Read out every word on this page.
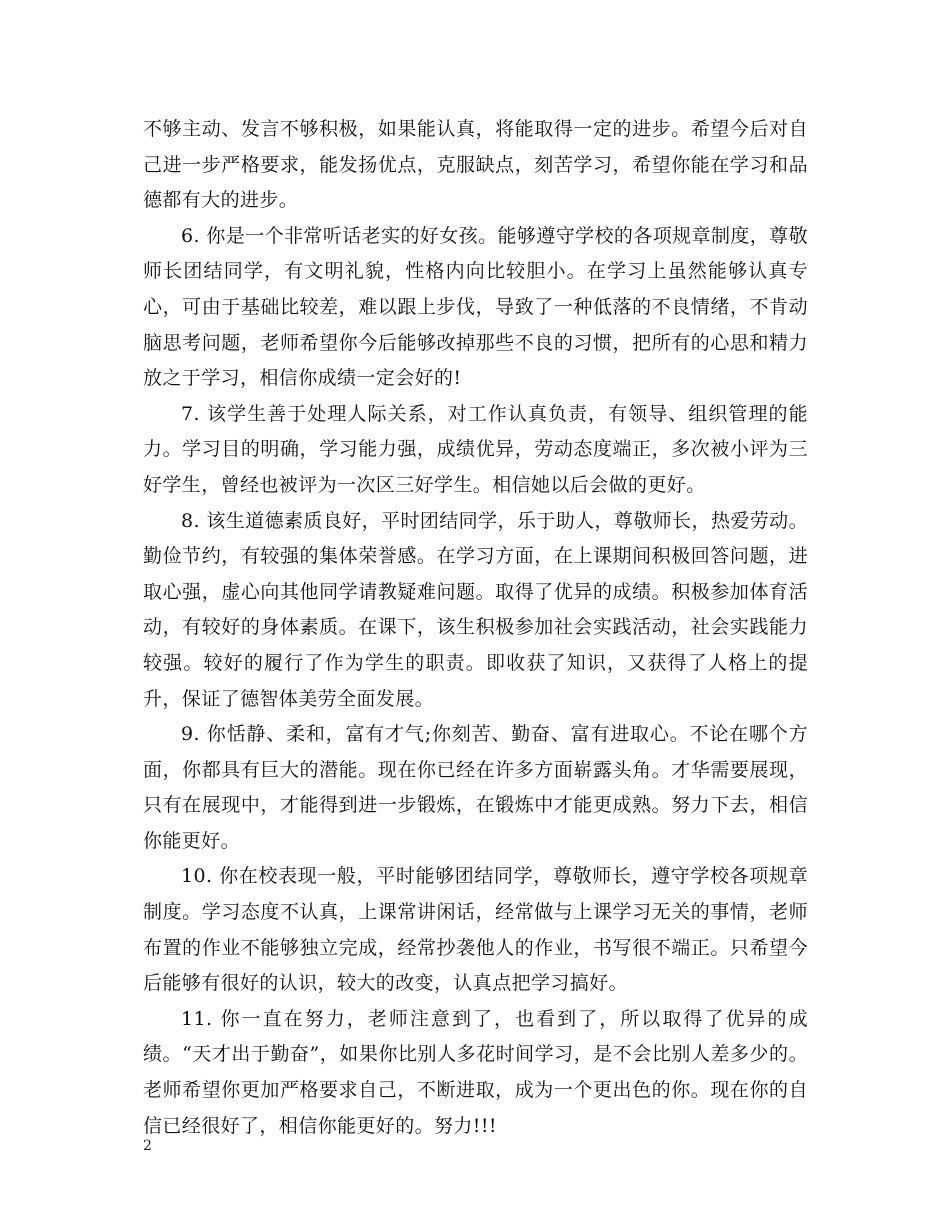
不够主动、发言不够积极，如果能认真，将能取得一定的进步。希望今后对自己进一步严格要求，能发扬优点，克服缺点，刻苦学习，希望你能在学习和品德都有大的进步。

6. 你是一个非常听话老实的好女孩。能够遵守学校的各项规章制度，尊敬师长团结同学，有文明礼貌，性格内向比较胆小。在学习上虽然能够认真专心，可由于基础比较差，难以跟上步伐，导致了一种低落的不良情绪，不肯动脑思考问题，老师希望你今后能够改掉那些不良的习惯，把所有的心思和精力放之于学习，相信你成绩一定会好的!

7. 该学生善于处理人际关系，对工作认真负责，有领导、组织管理的能力。学习目的明确，学习能力强，成绩优异，劳动态度端正，多次被小评为三好学生，曾经也被评为一次区三好学生。相信她以后会做的更好。

8. 该生道德素质良好，平时团结同学，乐于助人，尊敬师长，热爱劳动。勤俭节约，有较强的集体荣誉感。在学习方面，在上课期间积极回答问题，进取心强，虚心向其他同学请教疑难问题。取得了优异的成绩。积极参加体育活动，有较好的身体素质。在课下，该生积极参加社会实践活动，社会实践能力较强。较好的履行了作为学生的职责。即收获了知识，又获得了人格上的提升，保证了德智体美劳全面发展。

9. 你恬静、柔和，富有才气;你刻苦、勤奋、富有进取心。不论在哪个方面，你都具有巨大的潜能。现在你已经在许多方面崭露头角。才华需要展现，只有在展现中，才能得到进一步锻炼，在锻炼中才能更成熟。努力下去，相信你能更好。

10. 你在校表现一般，平时能够团结同学，尊敬师长，遵守学校各项规章制度。学习态度不认真，上课常讲闲话，经常做与上课学习无关的事情，老师布置的作业不能够独立完成，经常抄袭他人的作业，书写很不端正。只希望今后能够有很好的认识，较大的改变，认真点把学习搞好。

11. 你一直在努力，老师注意到了，也看到了，所以取得了优异的成绩。“天才出于勤奋”，如果你比别人多花时间学习，是不会比别人差多少的。老师希望你更加严格要求自己，不断进取，成为一个更出色的你。现在你的自信已经很好了，相信你能更好的。努力!!!

2
